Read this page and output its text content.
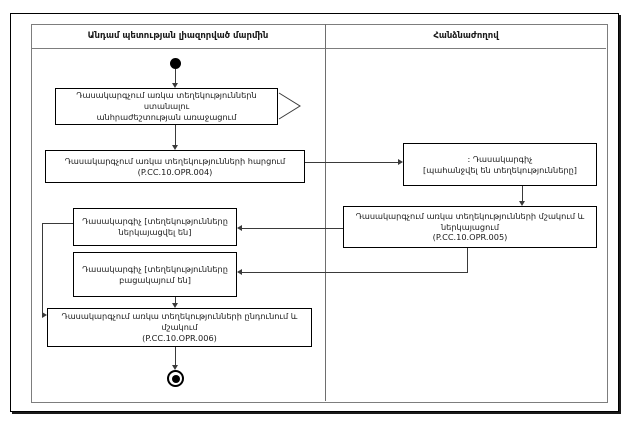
Անդամ պետության լիազորված մարմին	Հանձնաժողով
Դասակարգչում առկա տեղեկություններն ստանալու
անհրաժեշտության առաջացում
Դասակարգչում առկա տեղեկությունների հարցում
(P.CC.10.OPR.004)
: Դասակարգիչ
[պահանջվել են տեղեկությունները]
Դասակարգչում առկա տեղեկությունների մշակում և ներկայացում
(P.CC.10.OPR.005)
Դասակարգիչ [տեղեկությունները
ներկայացվել են]
Դասակարգիչ [տեղեկությունները
բացակայում են]
Դասակարգչում առկա տեղեկությունների ընդունում և մշակում
(P.CC.10.OPR.006)
